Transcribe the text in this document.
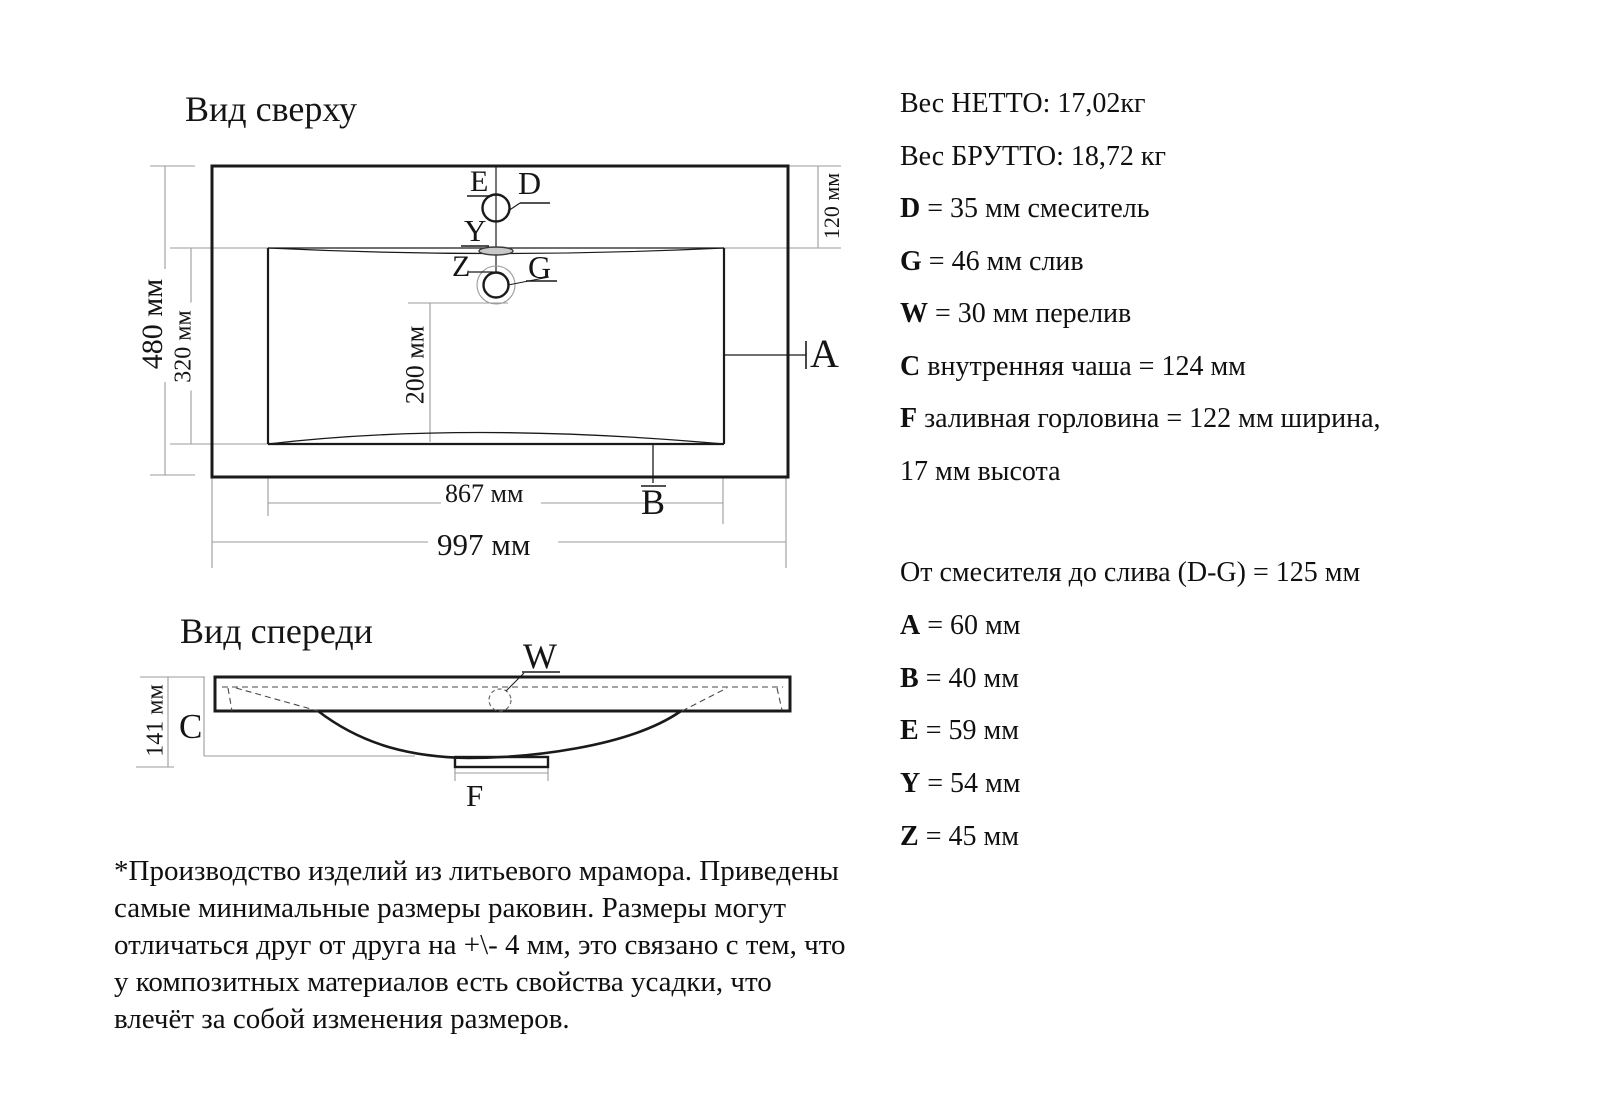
Вид сверху
Вид спереди
480 мм 320 мм
120 мм
200 мм
141 мм
867 мм
997 мм
E D
Y
Z G
A
B
W
C
F
Вес НЕТТО: 17,02кг
Вес БРУТТО: 18,72 кг
D = 35 мм смеситель
G = 46 мм слив
W = 30 мм перелив
C внутренняя чаша = 124 мм
F заливная горловина = 122 мм ширина,
17 мм высота
От смесителя до слива (D-G) = 125 мм
A = 60 мм
B = 40 мм
E = 59 мм
Y = 54 мм
Z = 45 мм
*Производство изделий из литьевого мрамора. Приведены
самые минимальные размеры раковин. Размеры могут
отличаться друг от друга на +\- 4 мм, это связано с тем, что
у композитных материалов есть свойства усадки, что
влечёт за собой изменения размеров.
